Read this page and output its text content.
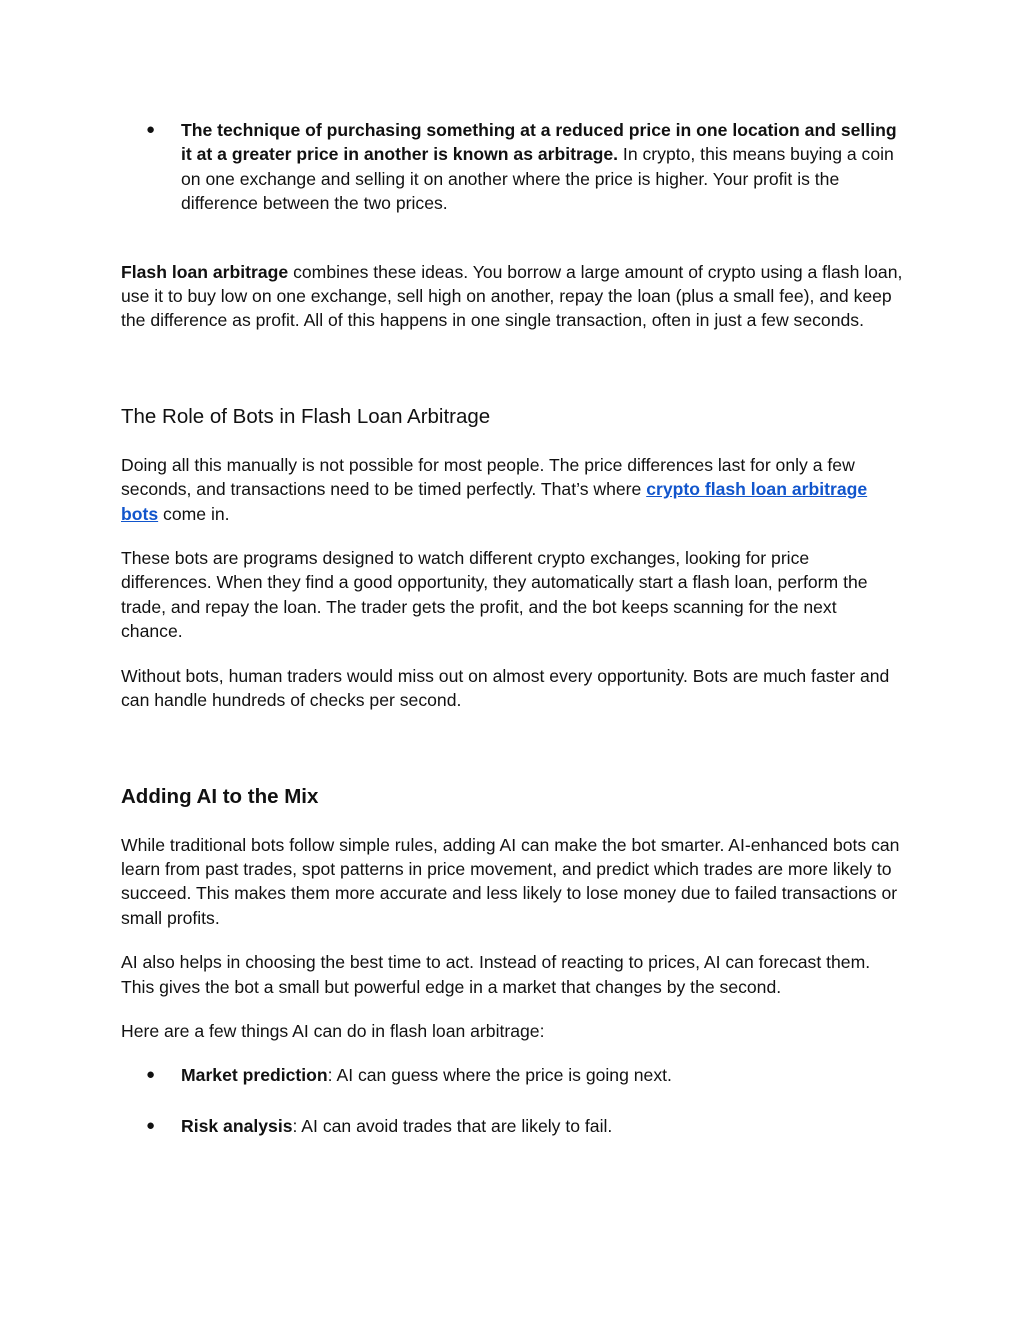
● The technique of purchasing something at a reduced price in one location and selling it at a greater price in another is known as arbitrage. In crypto, this means buying a coin on one exchange and selling it on another where the price is higher. Your profit is the difference between the two prices.

Flash loan arbitrage combines these ideas. You borrow a large amount of crypto using a flash loan, use it to buy low on one exchange, sell high on another, repay the loan (plus a small fee), and keep the difference as profit. All of this happens in one single transaction, often in just a few seconds.

The Role of Bots in Flash Loan Arbitrage

Doing all this manually is not possible for most people. The price differences last for only a few seconds, and transactions need to be timed perfectly. That’s where crypto flash loan arbitrage bots come in.

These bots are programs designed to watch different crypto exchanges, looking for price differences. When they find a good opportunity, they automatically start a flash loan, perform the trade, and repay the loan. The trader gets the profit, and the bot keeps scanning for the next chance.

Without bots, human traders would miss out on almost every opportunity. Bots are much faster and can handle hundreds of checks per second.

Adding AI to the Mix

While traditional bots follow simple rules, adding AI can make the bot smarter. AI-enhanced bots can learn from past trades, spot patterns in price movement, and predict which trades are more likely to succeed. This makes them more accurate and less likely to lose money due to failed transactions or small profits.

AI also helps in choosing the best time to act. Instead of reacting to prices, AI can forecast them. This gives the bot a small but powerful edge in a market that changes by the second.

Here are a few things AI can do in flash loan arbitrage:

● Market prediction: AI can guess where the price is going next.

● Risk analysis: AI can avoid trades that are likely to fail.
